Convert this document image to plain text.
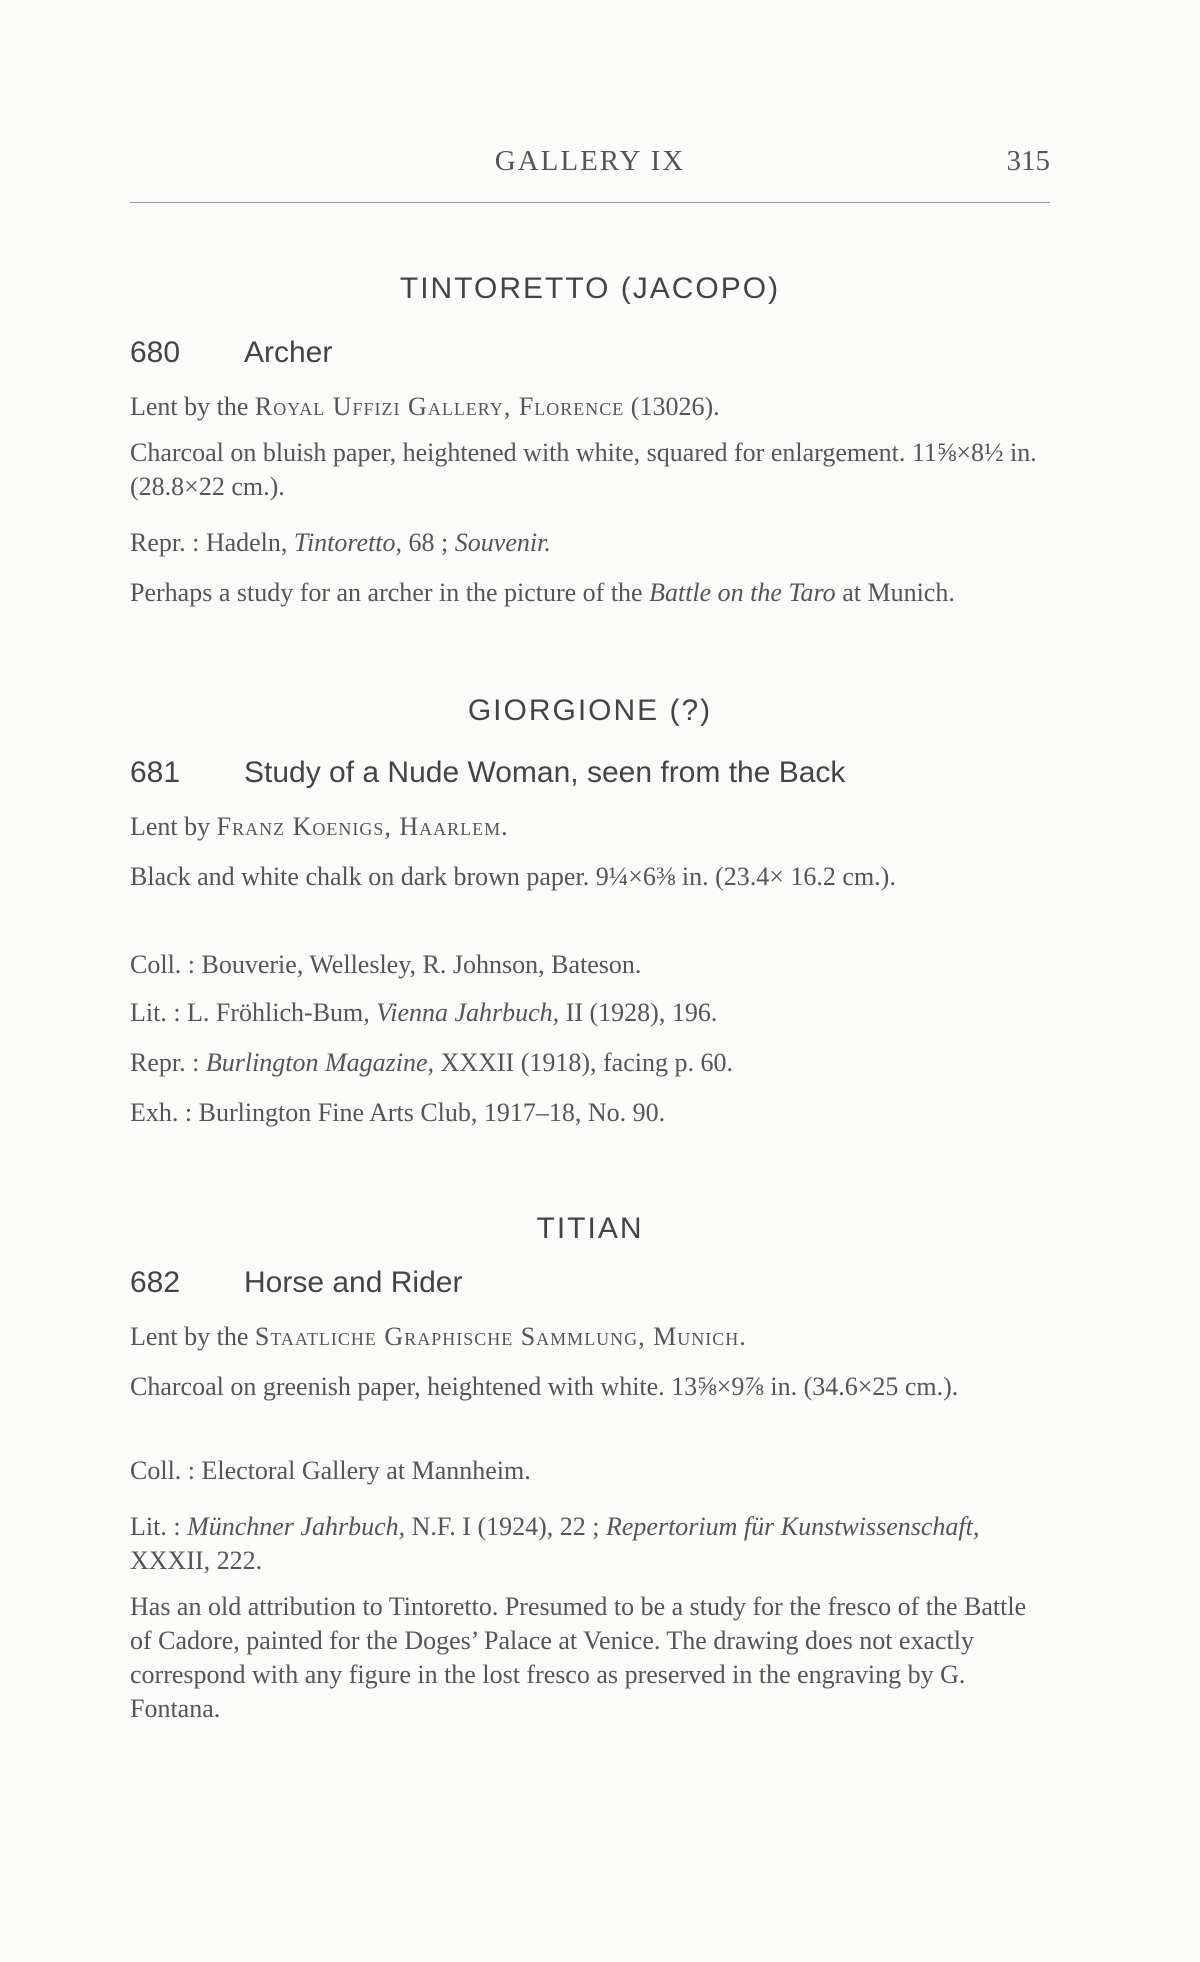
GALLERY IX	315
TINTORETTO (JACOPO)
680 Archer
Lent by the Royal Uffizi Gallery, Florence (13026).
Charcoal on bluish paper, heightened with white, squared for enlargement. 11⅝×8½ in. (28.8×22 cm.).
Repr. : Hadeln, Tintoretto, 68 ; Souvenir.
Perhaps a study for an archer in the picture of the Battle on the Taro at Munich.
GIORGIONE (?)
681 Study of a Nude Woman, seen from the Back
Lent by Franz Koenigs, Haarlem.
Black and white chalk on dark brown paper. 9¼×6⅜ in. (23.4× 16.2 cm.).
Coll. : Bouverie, Wellesley, R. Johnson, Bateson.
Lit. : L. Fröhlich-Bum, Vienna Jahrbuch, II (1928), 196.
Repr. : Burlington Magazine, XXXII (1918), facing p. 60.
Exh. : Burlington Fine Arts Club, 1917–18, No. 90.
TITIAN
682 Horse and Rider
Lent by the Staatliche Graphische Sammlung, Munich.
Charcoal on greenish paper, heightened with white. 13⅝×9⅞ in. (34.6×25 cm.).
Coll. : Electoral Gallery at Mannheim.
Lit. : Münchner Jahrbuch, N.F. I (1924), 22 ; Repertorium für Kunstwissenschaft, XXXII, 222.
Has an old attribution to Tintoretto. Presumed to be a study for the fresco of the Battle of Cadore, painted for the Doges’ Palace at Venice. The drawing does not exactly correspond with any figure in the lost fresco as preserved in the engraving by G. Fontana.
